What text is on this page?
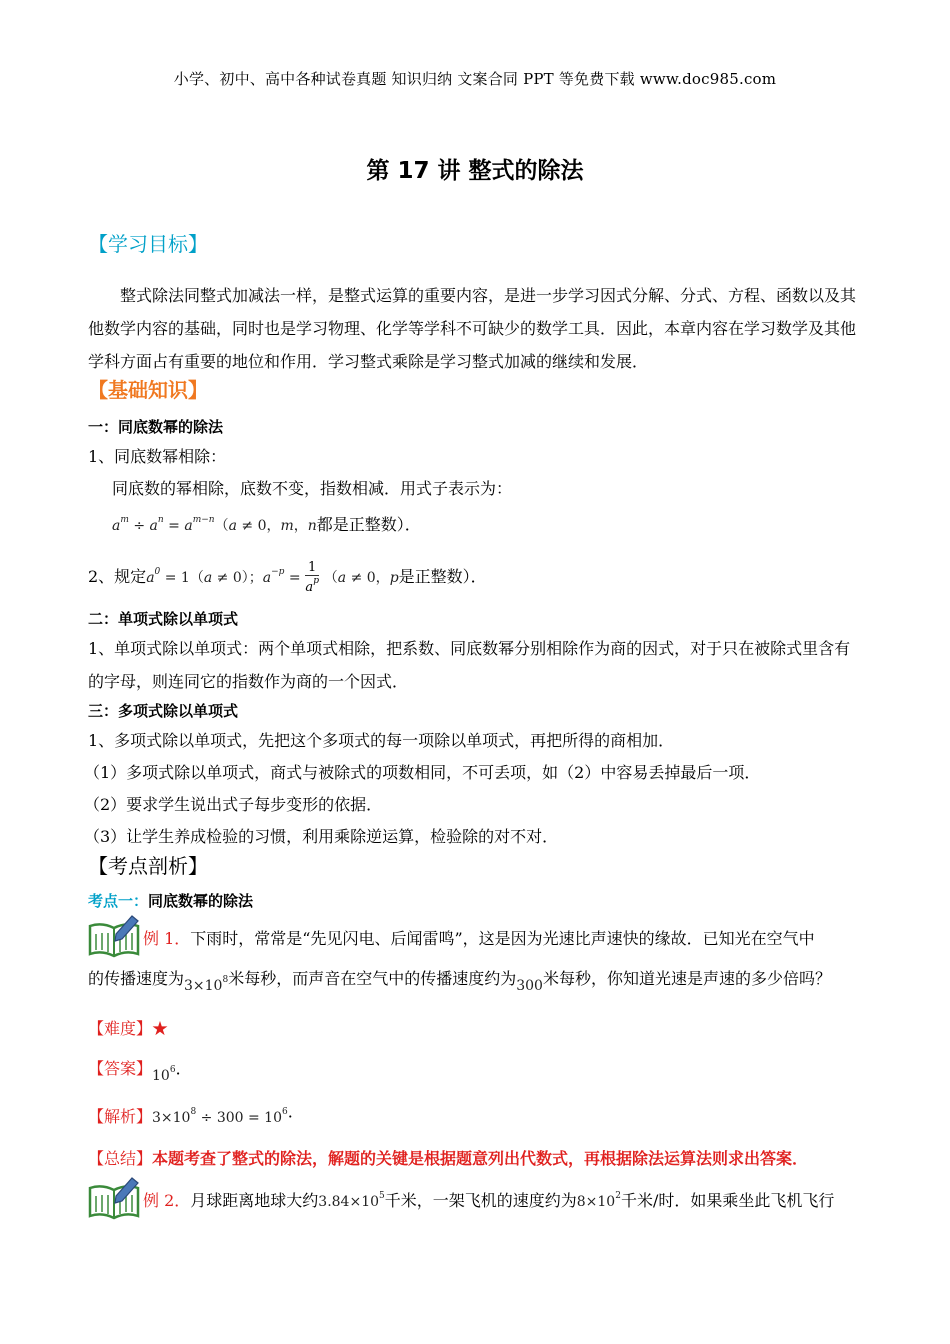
小学、初中、高中各种试卷真题 知识归纳 文案合同 PPT 等免费下载 www.doc985.com
第 17 讲 整式的除法
【学习目标】
整式除法同整式加减法一样，是整式运算的重要内容，是进一步学习因式分解、分式、方程、函数以及其他数学内容的基础，同时也是学习物理、化学等学科不可缺少的数学工具．因此，本章内容在学习数学及其他学科方面占有重要的地位和作用．学习整式乘除是学习整式加减的继续和发展．
【基础知识】
一：同底数幂的除法
1、同底数幂相除：
同底数的幂相除，底数不变，指数相减．用式子表示为：
$a^m \div a^n = a^{m-n}(a \ne 0$，m，n都是正整数）．
2、规定$a^0 = 1(a \ne 0)$；$a^{-p} = \frac{1}{a^p} (a \ne 0$，p是正整数）．
二：单项式除以单项式
1、单项式除以单项式：两个单项式相除，把系数、同底数幂分别相除作为商的因式，对于只在被除式里含有的字母，则连同它的指数作为商的一个因式．
三：多项式除以单项式
1、多项式除以单项式，先把这个多项式的每一项除以单项式，再把所得的商相加．
（1）多项式除以单项式，商式与被除式的项数相同，不可丢项，如（2）中容易丢掉最后一项．
（2）要求学生说出式子每步变形的依据．
（3）让学生养成检验的习惯，利用乘除逆运算，检验除的对不对．
【考点剖析】
考点一：同底数幂的除法
例 1．下雨时，常常是“先见闪电、后闻雷鸣”，这是因为光速比声速快的缘故．已知光在空气中
的传播速度为$3\times 10^8$米每秒，而声音在空气中的传播速度约为300米每秒，你知道光速是声速的多少倍吗？
【难度】★
【答案】$10^6$．
【解析】$3\times 10^8 \div 300 = 10^6\cdot$
【总结】本题考查了整式的除法，解题的关键是根据题意列出代数式，再根据除法运算法则求出答案．
例 2．月球距离地球大约$3.84\times 10^5$千米，一架飞机的速度约为$8\times 10^2$千米/时．如果乘坐此飞机飞行
